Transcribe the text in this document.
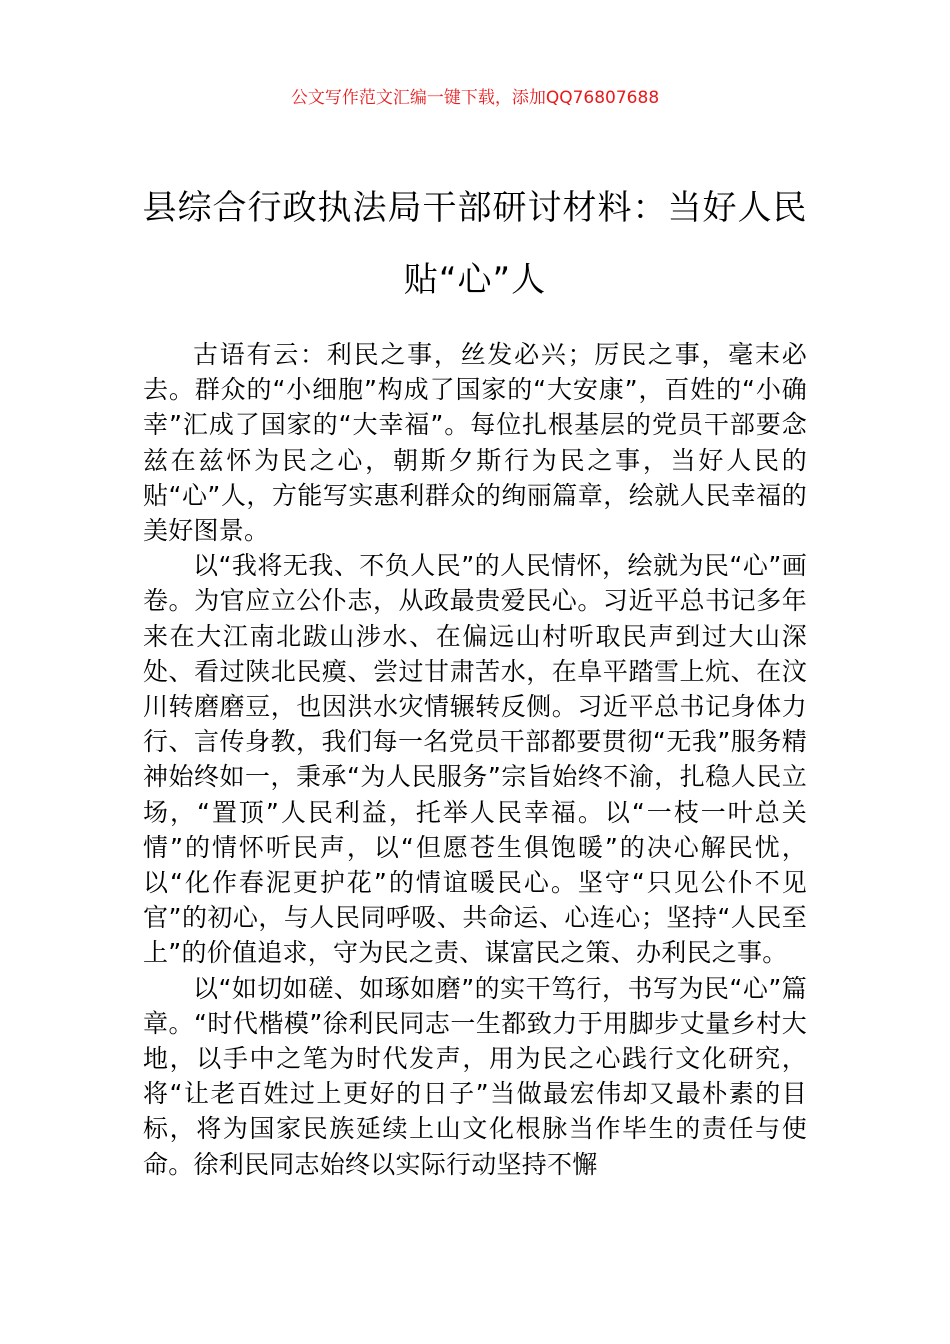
公文写作范文汇编一键下载，添加QQ76807688
县综合行政执法局干部研讨材料：当好人民贴“心”人

古语有云：利民之事，丝发必兴；厉民之事，毫末必去。群众的“小细胞”构成了国家的“大安康”，百姓的“小确幸”汇成了国家的“大幸福”。每位扎根基层的党员干部要念兹在兹怀为民之心，朝斯夕斯行为民之事，当好人民的贴“心”人，方能写实惠利群众的绚丽篇章，绘就人民幸福的美好图景。

以“我将无我、不负人民”的人民情怀，绘就为民“心”画卷。为官应立公仆志，从政最贵爱民心。习近平总书记多年来在大江南北跋山涉水、在偏远山村听取民声到过大山深处、看过陕北民瘼、尝过甘肃苦水，在阜平踏雪上炕、在汶川转磨磨豆，也因洪水灾情辗转反侧。习近平总书记身体力行、言传身教，我们每一名党员干部都要贯彻“无我”服务精神始终如一，秉承“为人民服务”宗旨始终不渝，扎稳人民立场，“置顶”人民利益，托举人民幸福。以“一枝一叶总关情”的情怀听民声，以“但愿苍生俱饱暖”的决心解民忧，以“化作春泥更护花”的情谊暖民心。坚守“只见公仆不见官”的初心，与人民同呼吸、共命运、心连心；坚持“人民至上”的价值追求，守为民之责、谋富民之策、办利民之事。

以“如切如磋、如琢如磨”的实干笃行，书写为民“心”篇章。“时代楷模”徐利民同志一生都致力于用脚步丈量乡村大地，以手中之笔为时代发声，用为民之心践行文化研究，将“让老百姓过上更好的日子”当做最宏伟却又最朴素的目标，将为国家民族延续上山文化根脉当作毕生的责任与使命。徐利民同志始终以实际行动坚持不懈
